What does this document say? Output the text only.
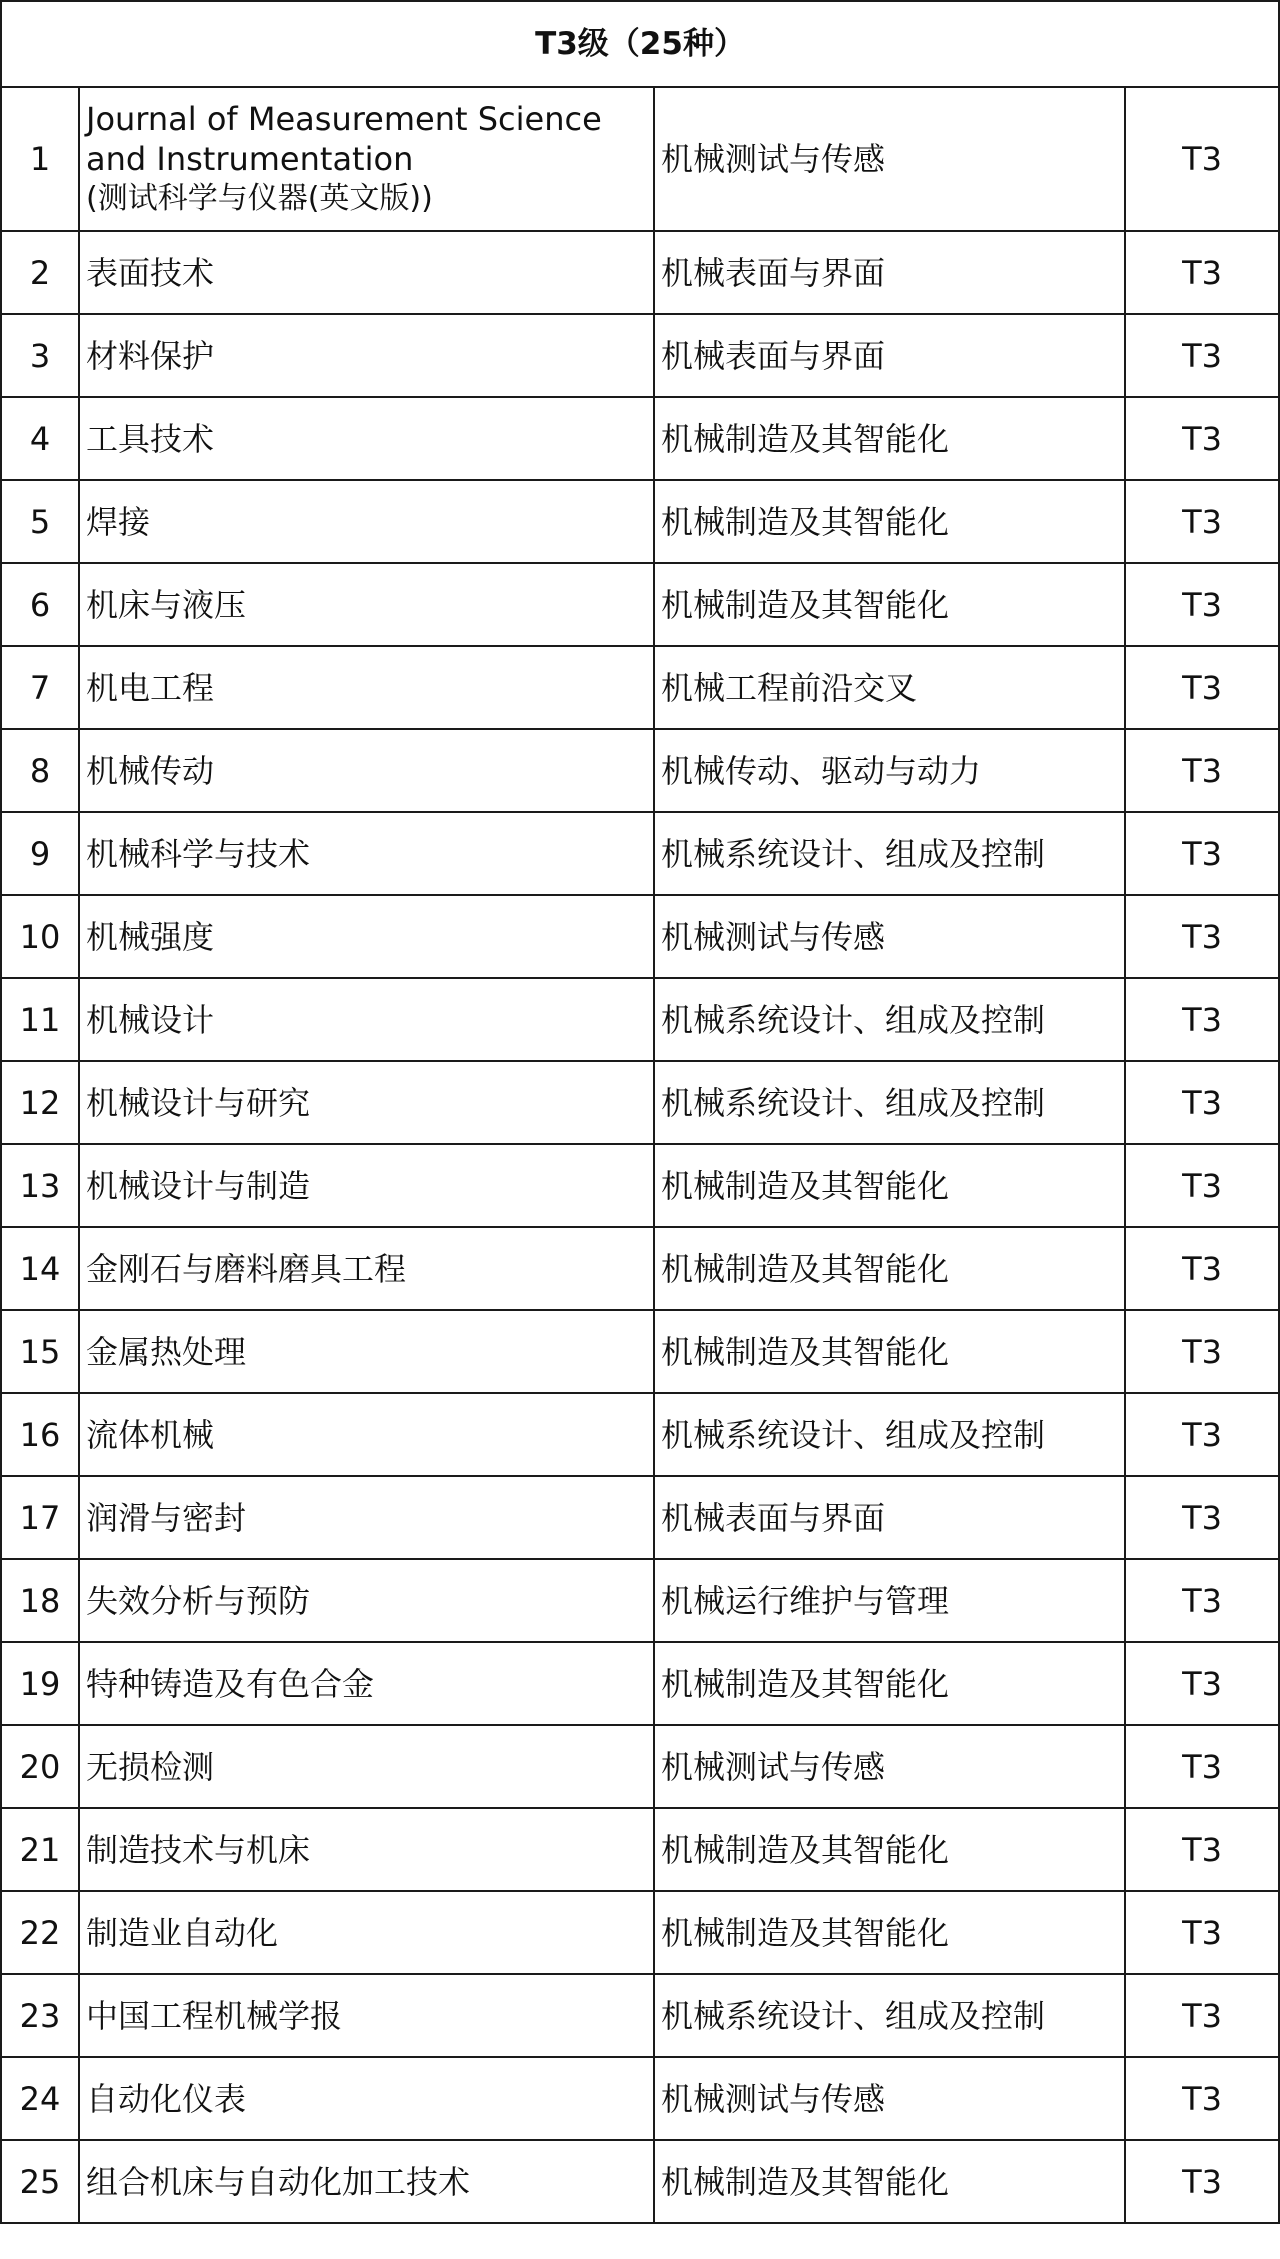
T3级（25种）			
1	Journal of Measurement Science
and Instrumentation
(测试科学与仪器(英文版))	机械测试与传感	T3
2	表面技术	机械表面与界面	T3
3	材料保护	机械表面与界面	T3
4	工具技术	机械制造及其智能化	T3
5	焊接	机械制造及其智能化	T3
6	机床与液压	机械制造及其智能化	T3
7	机电工程	机械工程前沿交叉	T3
8	机械传动	机械传动、驱动与动力	T3
9	机械科学与技术	机械系统设计、组成及控制	T3
10	机械强度	机械测试与传感	T3
11	机械设计	机械系统设计、组成及控制	T3
12	机械设计与研究	机械系统设计、组成及控制	T3
13	机械设计与制造	机械制造及其智能化	T3
14	金刚石与磨料磨具工程	机械制造及其智能化	T3
15	金属热处理	机械制造及其智能化	T3
16	流体机械	机械系统设计、组成及控制	T3
17	润滑与密封	机械表面与界面	T3
18	失效分析与预防	机械运行维护与管理	T3
19	特种铸造及有色合金	机械制造及其智能化	T3
20	无损检测	机械测试与传感	T3
21	制造技术与机床	机械制造及其智能化	T3
22	制造业自动化	机械制造及其智能化	T3
23	中国工程机械学报	机械系统设计、组成及控制	T3
24	自动化仪表	机械测试与传感	T3
25	组合机床与自动化加工技术	机械制造及其智能化	T3
